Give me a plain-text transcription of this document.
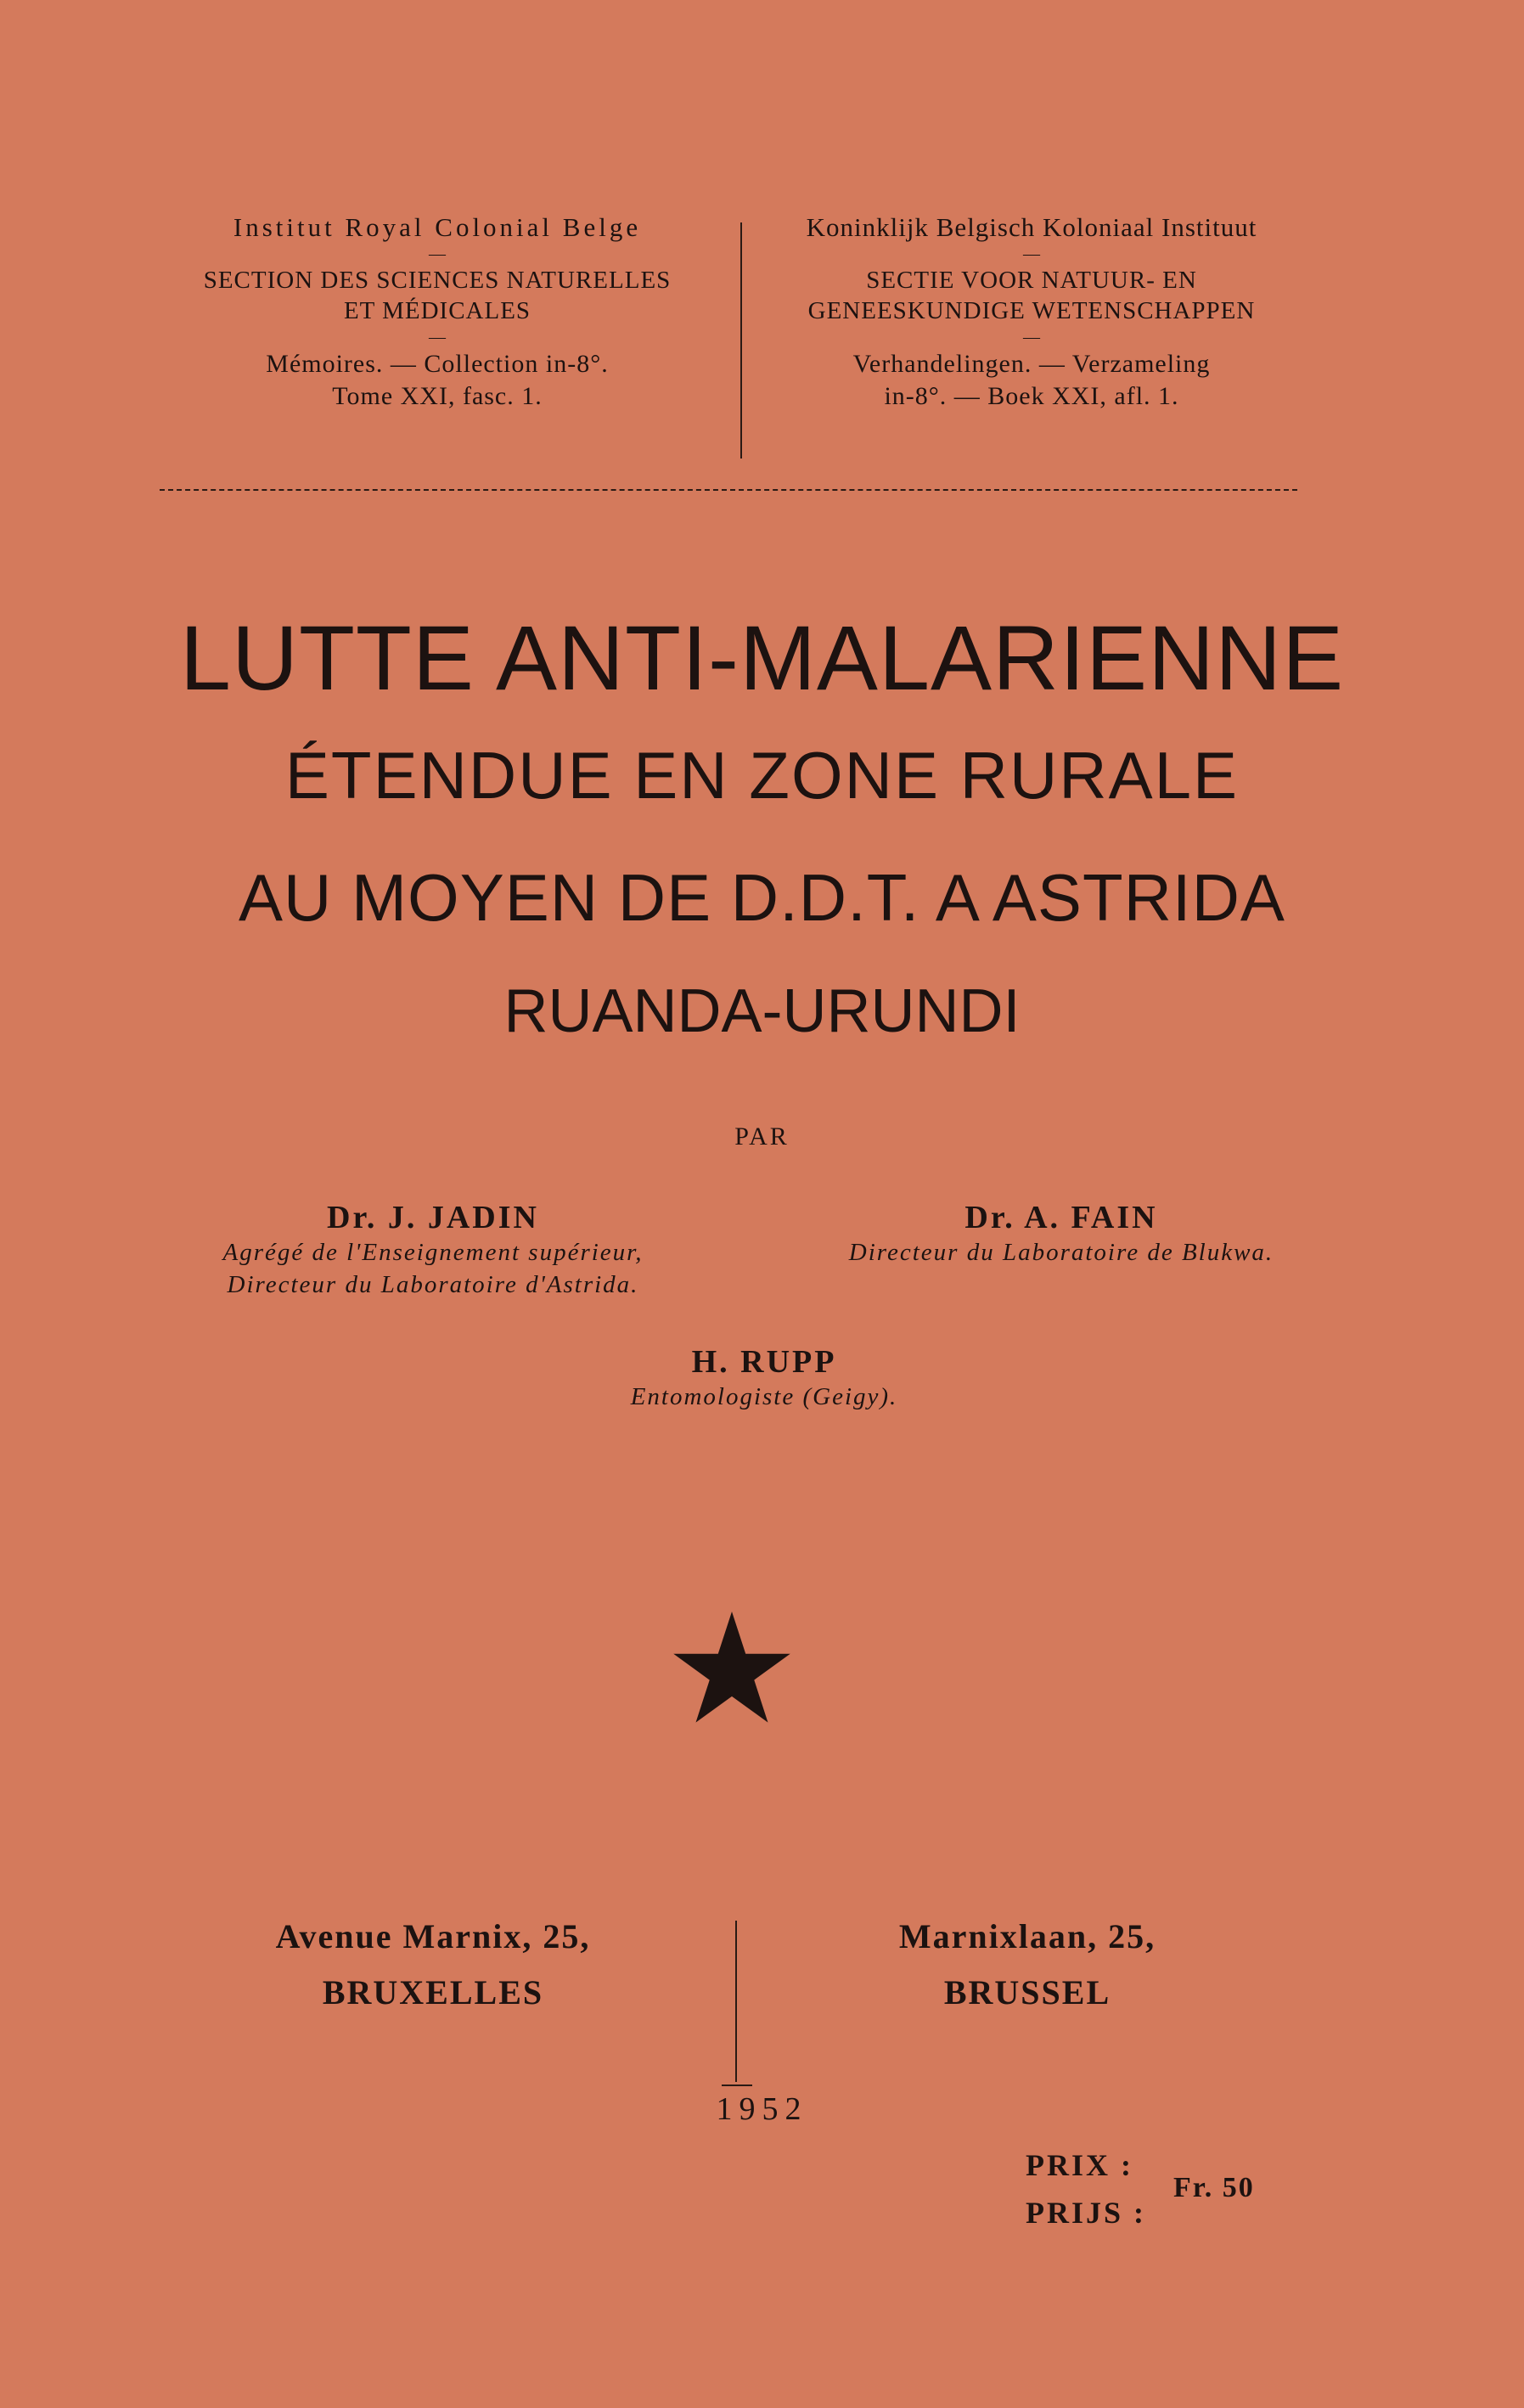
Institut Royal Colonial Belge
—
SECTION DES SCIENCES NATURELLES
ET MÉDICALES
—
Mémoires. — Collection in-8°.
Tome XXI, fasc. 1.
Koninklijk Belgisch Koloniaal Instituut
—
SECTIE VOOR NATUUR- EN
GENEESKUNDIGE WETENSCHAPPEN
—
Verhandelingen. — Verzameling
in-8°. — Boek XXI, afl. 1.
LUTTE ANTI-MALARIENNE
ÉTENDUE EN ZONE RURALE
AU MOYEN DE D.D.T. A ASTRIDA
RUANDA-URUNDI
PAR
Dr. J. JADIN
Agrégé de l'Enseignement supérieur,
Directeur du Laboratoire d'Astrida.
Dr. A. FAIN
Directeur du Laboratoire de Blukwa.
H. RUPP
Entomologiste (Geigy).
Avenue Marnix, 25,
BRUXELLES
Marnixlaan, 25,
BRUSSEL
1952
PRIX :
PRIJS :
Fr. 50
